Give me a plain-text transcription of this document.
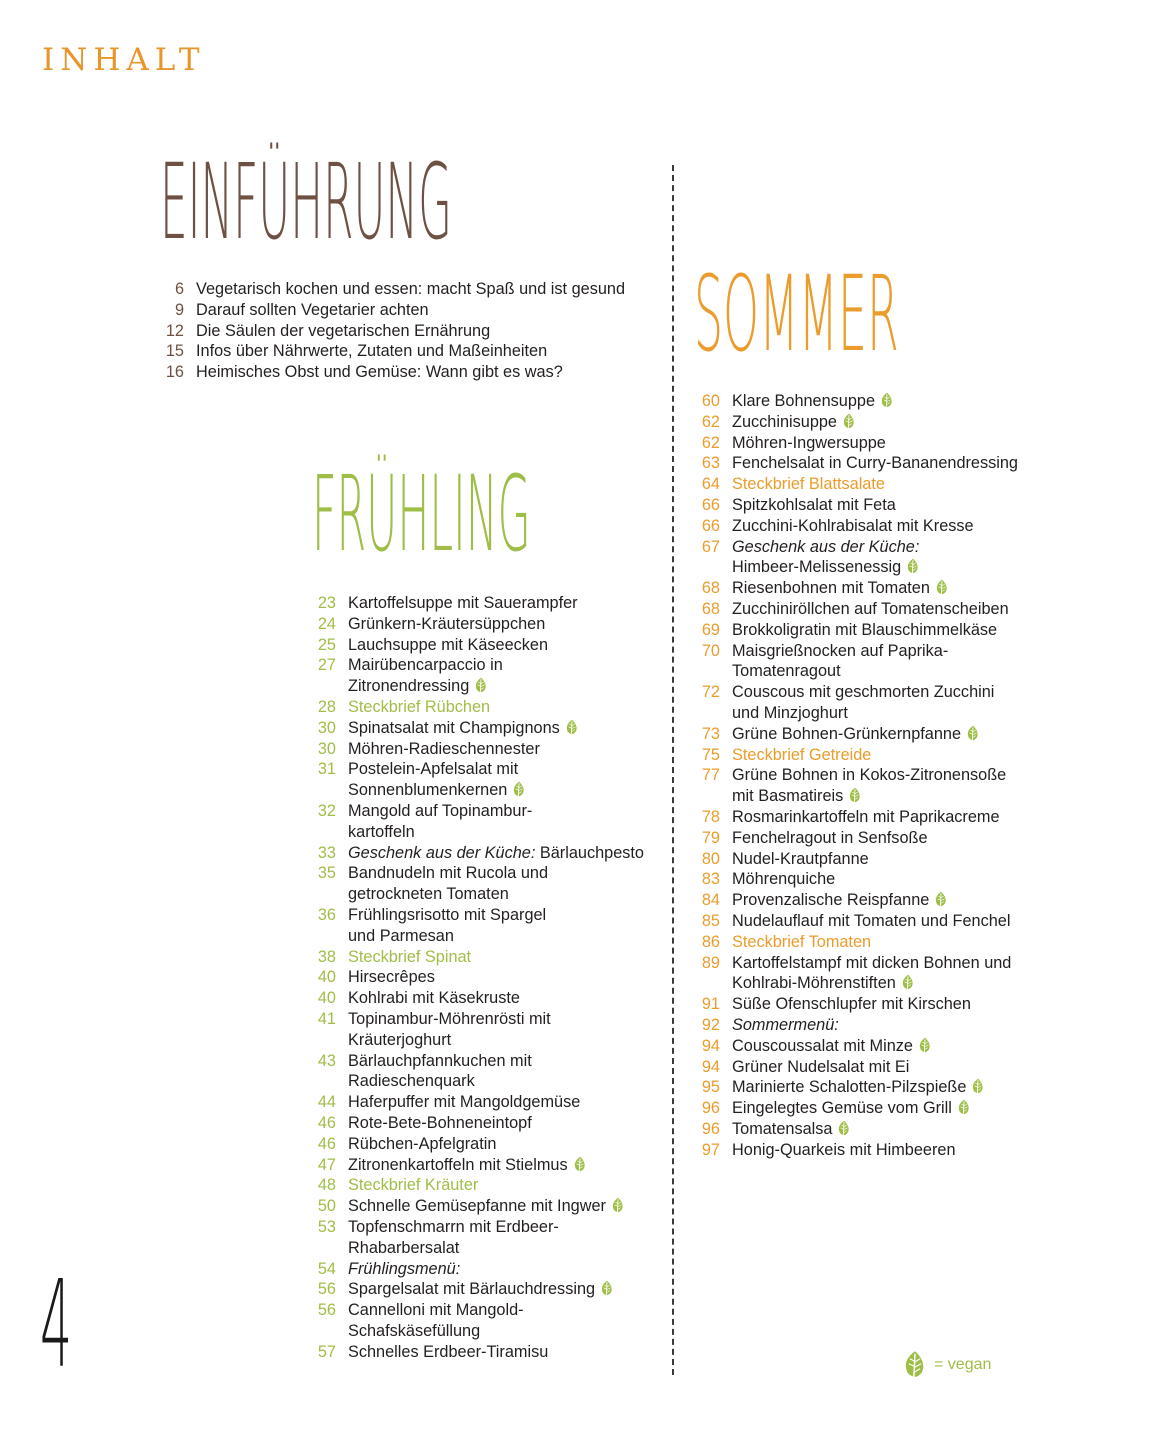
INHALT
EINFÜHRUNG
6 Vegetarisch kochen und essen: macht Spaß und ist gesund
9 Darauf sollten Vegetarier achten
12 Die Säulen der vegetarischen Ernährung
15 Infos über Nährwerte, Zutaten und Maßeinheiten
16 Heimisches Obst und Gemüse: Wann gibt es was?
FRÜHLING
23 Kartoffelsuppe mit Sauerampfer
24 Grünkern-Kräutersüppchen
25 Lauchsuppe mit Käseecken
27 Mairübencarpaccio in
Zitronendressing
28 Steckbrief Rübchen
30 Spinatsalat mit Champignons
30 Möhren-Radieschennester
31 Postelein-Apfelsalat mit
Sonnenblumenkernen
32 Mangold auf Topinambur-
kartoffeln
33 Geschenk aus der Küche: Bärlauchpesto
35 Bandnudeln mit Rucola und
getrockneten Tomaten
36 Frühlingsrisotto mit Spargel
und Parmesan
38 Steckbrief Spinat
40 Hirsecrêpes
40 Kohlrabi mit Käsekruste
41 Topinambur-Möhrenrösti mit
Kräuterjoghurt
43 Bärlauchpfannkuchen mit
Radieschenquark
44 Haferpuffer mit Mangoldgemüse
46 Rote-Bete-Bohneneintopf
46 Rübchen-Apfelgratin
47 Zitronenkartoffeln mit Stielmus
48 Steckbrief Kräuter
50 Schnelle Gemüsepfanne mit Ingwer
53 Topfenschmarrn mit Erdbeer-
Rhabarbersalat
54 Frühlingsmenü:
56 Spargelsalat mit Bärlauchdressing
56 Cannelloni mit Mangold-
Schafskäsefüllung
57 Schnelles Erdbeer-Tiramisu
SOMMER
60 Klare Bohnensuppe
62 Zucchinisuppe
62 Möhren-Ingwersuppe
63 Fenchelsalat in Curry-Bananendressing
64 Steckbrief Blattsalate
66 Spitzkohlsalat mit Feta
66 Zucchini-Kohlrabisalat mit Kresse
67 Geschenk aus der Küche:
Himbeer-Melissenessig
68 Riesenbohnen mit Tomaten
68 Zucchiniröllchen auf Tomatenscheiben
69 Brokkoligratin mit Blauschimmelkäse
70 Maisgrießnocken auf Paprika-
Tomatenragout
72 Couscous mit geschmorten Zucchini
und Minzjoghurt
73 Grüne Bohnen-Grünkernpfanne
75 Steckbrief Getreide
77 Grüne Bohnen in Kokos-Zitronensoße
mit Basmatireis
78 Rosmarinkartoffeln mit Paprikacreme
79 Fenchelragout in Senfsoße
80 Nudel-Krautpfanne
83 Möhrenquiche
84 Provenzalische Reispfanne
85 Nudelauflauf mit Tomaten und Fenchel
86 Steckbrief Tomaten
89 Kartoffelstampf mit dicken Bohnen und
Kohlrabi-Möhrenstiften
91 Süße Ofenschlupfer mit Kirschen
92 Sommermenü:
94 Couscoussalat mit Minze
94 Grüner Nudelsalat mit Ei
95 Marinierte Schalotten-Pilzspieße
96 Eingelegtes Gemüse vom Grill
96 Tomatensalsa
97 Honig-Quarkeis mit Himbeeren
4	= vegan
